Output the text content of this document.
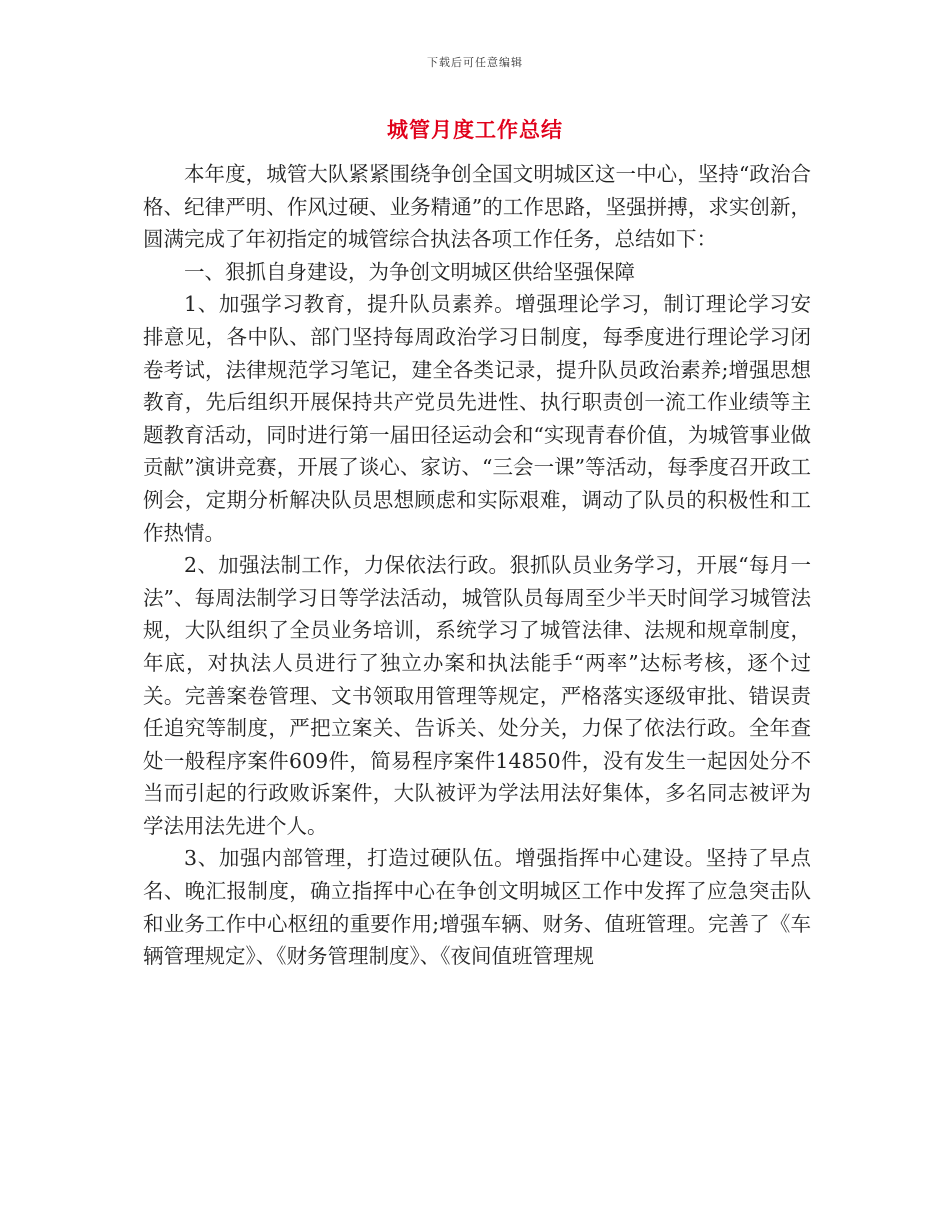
下载后可任意编辑
城管月度工作总结

本年度，城管大队紧紧围绕争创全国文明城区这一中心，坚持“政治合格、纪律严明、作风过硬、业务精通”的工作思路，坚强拼搏，求实创新，圆满完成了年初指定的城管综合执法各项工作任务，总结如下：

一、狠抓自身建设，为争创文明城区供给坚强保障

1、加强学习教育，提升队员素养。增强理论学习，制订理论学习安排意见，各中队、部门坚持每周政治学习日制度，每季度进行理论学习闭卷考试，法律规范学习笔记，建全各类记录，提升队员政治素养;增强思想教育，先后组织开展保持共产党员先进性、执行职责创一流工作业绩等主题教育活动，同时进行第一届田径运动会和“实现青春价值，为城管事业做贡献”演讲竞赛，开展了谈心、家访、“三会一课”等活动，每季度召开政工例会，定期分析解决队员思想顾虑和实际艰难，调动了队员的积极性和工作热情。

2、加强法制工作，力保依法行政。狠抓队员业务学习，开展“每月一法”、每周法制学习日等学法活动，城管队员每周至少半天时间学习城管法规，大队组织了全员业务培训，系统学习了城管法律、法规和规章制度，年底，对执法人员进行了独立办案和执法能手“两率”达标考核，逐个过关。完善案卷管理、文书领取用管理等规定，严格落实逐级审批、错误责任追究等制度，严把立案关、告诉关、处分关，力保了依法行政。全年查处一般程序案件609件，简易程序案件14850件，没有发生一起因处分不当而引起的行政败诉案件，大队被评为学法用法好集体，多名同志被评为学法用法先进个人。

3、加强内部管理，打造过硬队伍。增强指挥中心建设。坚持了早点名、晚汇报制度，确立指挥中心在争创文明城区工作中发挥了应急突击队和业务工作中心枢纽的重要作用;增强车辆、财务、值班管理。完善了《车辆管理规定》、《财务管理制度》、《夜间值班管理规
